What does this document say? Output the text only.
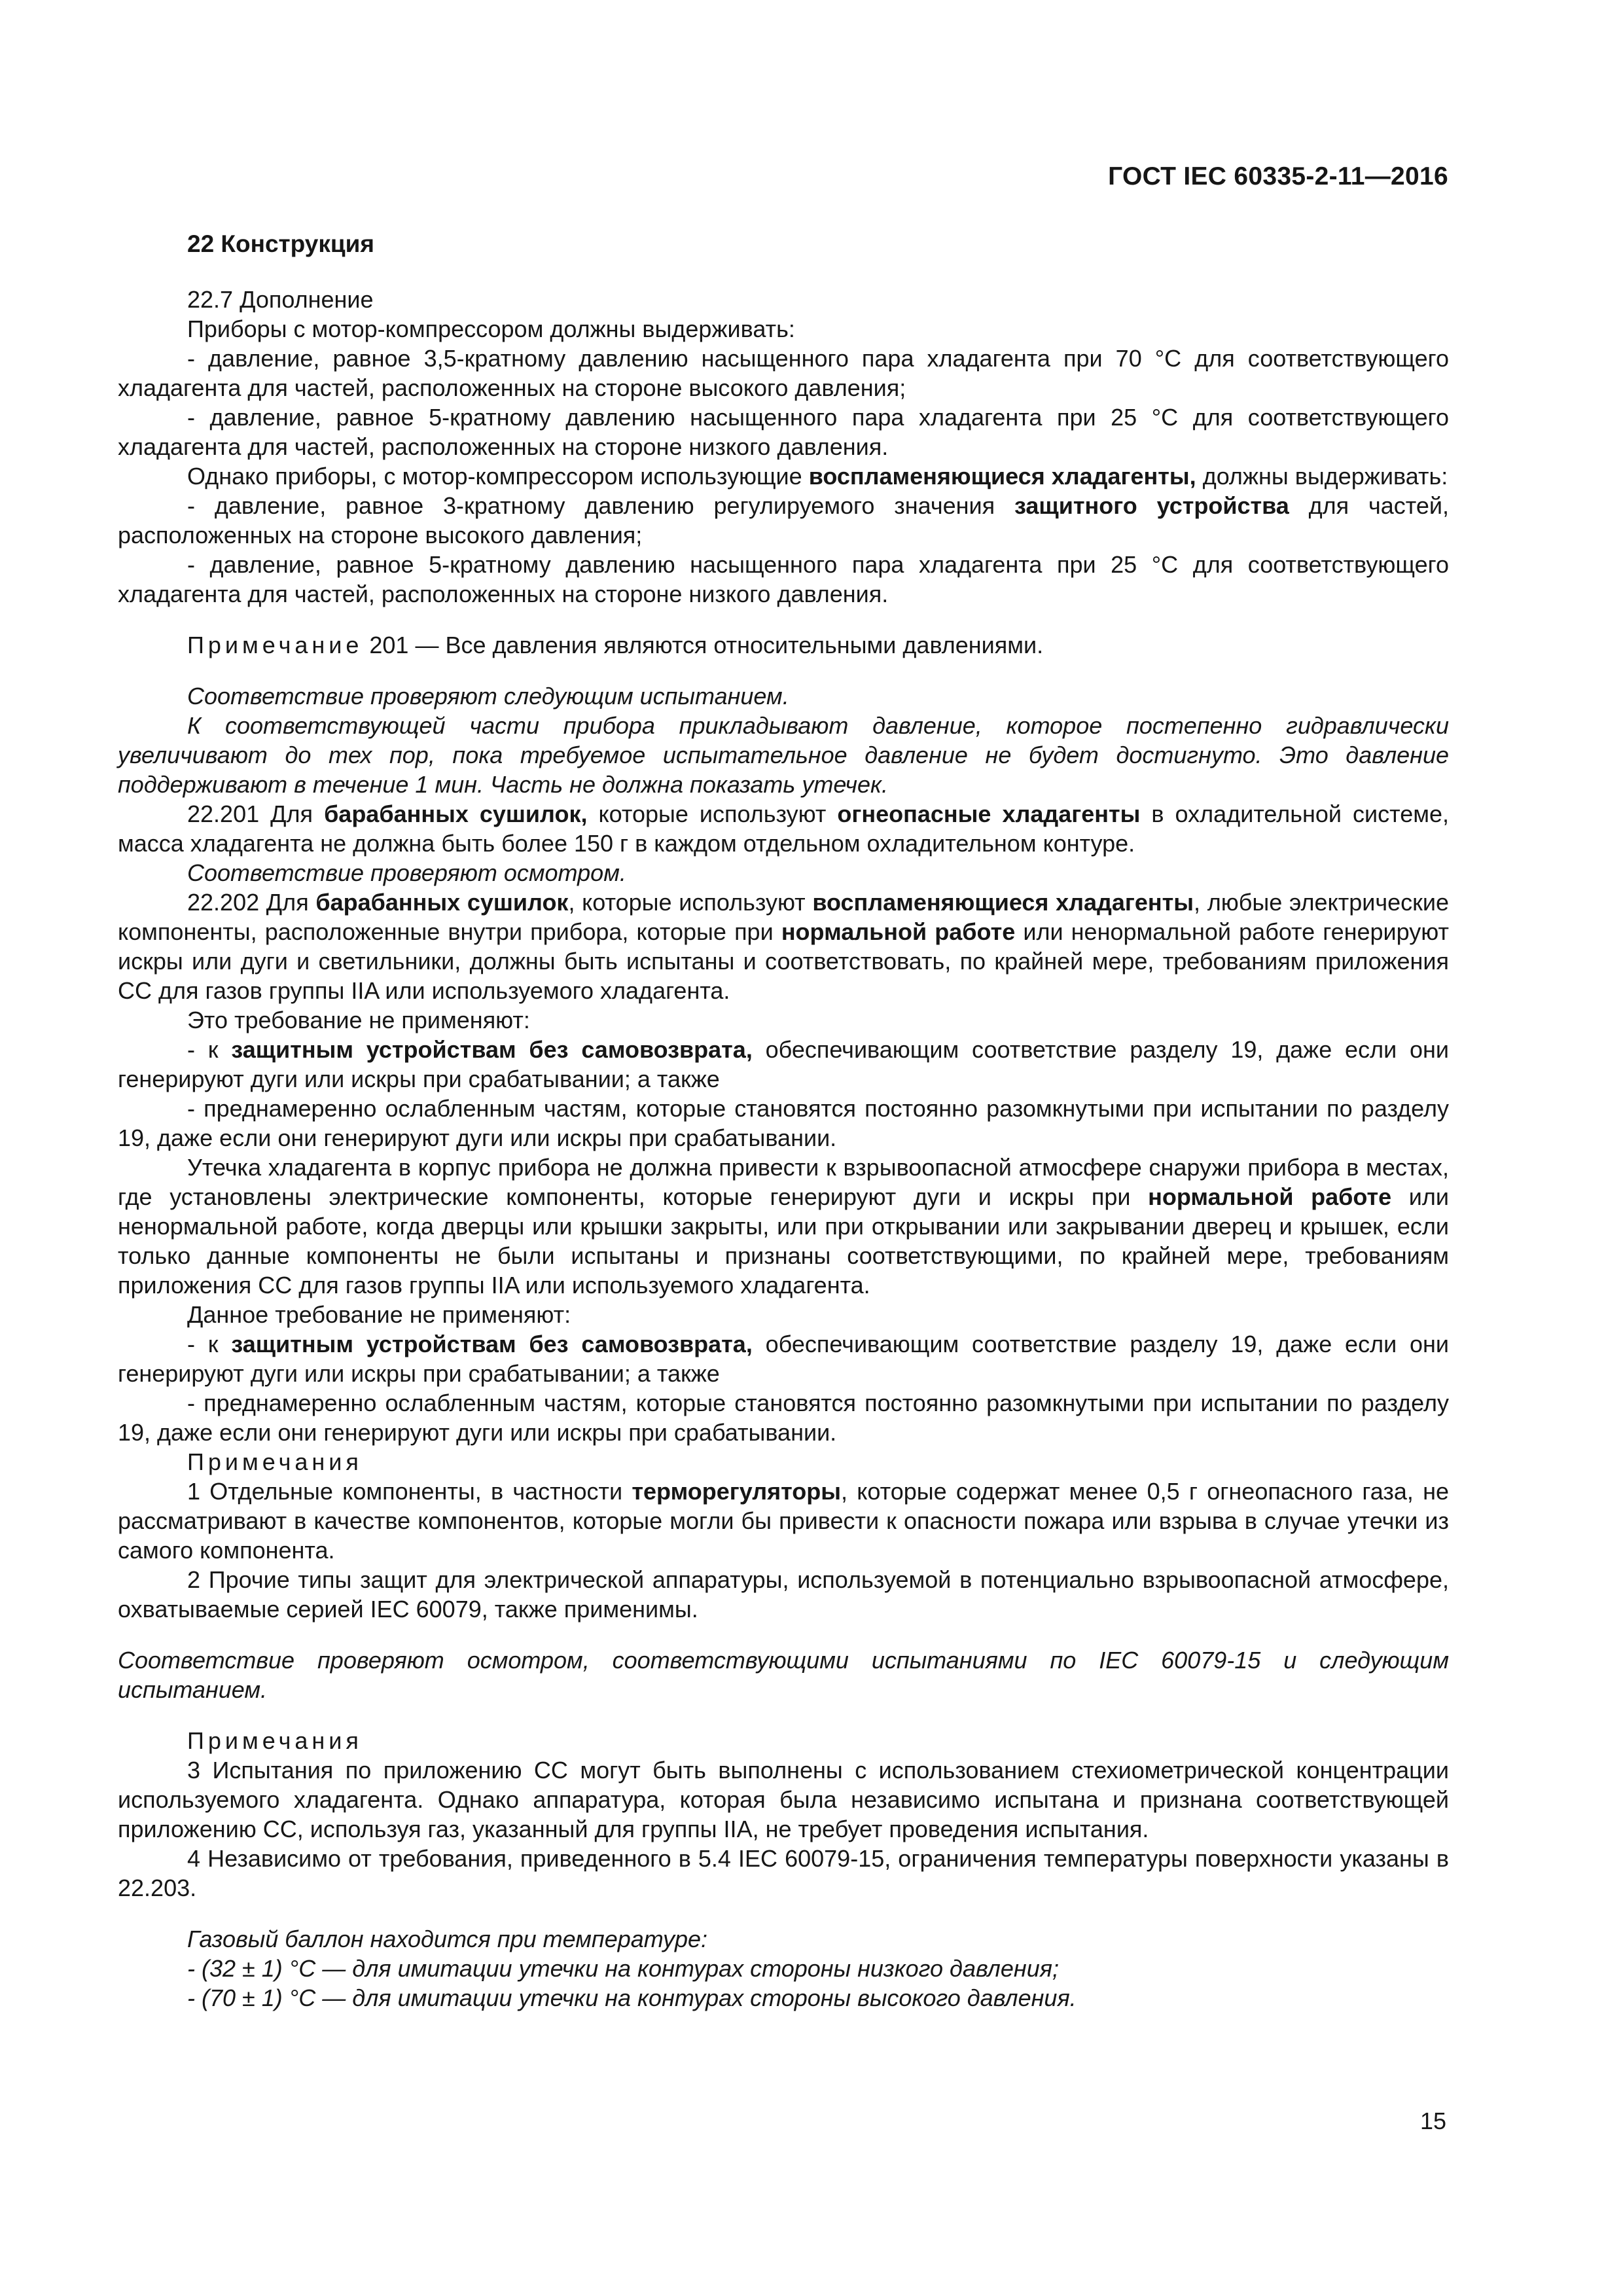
ГОСТ IEC 60335-2-11—2016

22 Конструкция

22.7 Дополнение

Приборы с мотор-компрессором должны выдерживать:

- давление, равное 3,5-кратному давлению насыщенного пара хладагента при 70 °C для соответствующего хладагента для частей, расположенных на стороне высокого давления;

- давление, равное 5-кратному давлению насыщенного пара хладагента при 25 °C для соответствующего хладагента для частей, расположенных на стороне низкого давления.

Однако приборы, с мотор-компрессором использующие воспламеняющиеся хладагенты, должны выдерживать:

- давление, равное 3-кратному давлению регулируемого значения защитного устройства для частей, расположенных на стороне высокого давления;

- давление, равное 5-кратному давлению насыщенного пара хладагента при 25 °C для соответствующего хладагента для частей, расположенных на стороне низкого давления.

Примечание 201 — Все давления являются относительными давлениями.

Соответствие проверяют следующим испытанием.

К соответствующей части прибора прикладывают давление, которое постепенно гидравлически увеличивают до тех пор, пока требуемое испытательное давление не будет достигнуто. Это давление поддерживают в течение 1 мин. Часть не должна показать утечек.

22.201 Для барабанных сушилок, которые используют огнеопасные хладагенты в охладительной системе, масса хладагента не должна быть более 150 г в каждом отдельном охладительном контуре.

Соответствие проверяют осмотром.

22.202 Для барабанных сушилок, которые используют воспламеняющиеся хладагенты, любые электрические компоненты, расположенные внутри прибора, которые при нормальной работе или ненормальной работе генерируют искры или дуги и светильники, должны быть испытаны и соответствовать, по крайней мере, требованиям приложения CC для газов группы IIA или используемого хладагента.

Это требование не применяют:

- к защитным устройствам без самовозврата, обеспечивающим соответствие разделу 19, даже если они генерируют дуги или искры при срабатывании; а также

- преднамеренно ослабленным частям, которые становятся постоянно разомкнутыми при испытании по разделу 19, даже если они генерируют дуги или искры при срабатывании.

Утечка хладагента в корпус прибора не должна привести к взрывоопасной атмосфере снаружи прибора в местах, где установлены электрические компоненты, которые генерируют дуги и искры при нормальной работе или ненормальной работе, когда дверцы или крышки закрыты, или при открывании или закрывании дверец и крышек, если только данные компоненты не были испытаны и признаны соответствующими, по крайней мере, требованиям приложения CC для газов группы IIA или используемого хладагента.

Данное требование не применяют:

- к защитным устройствам без самовозврата, обеспечивающим соответствие разделу 19, даже если они генерируют дуги или искры при срабатывании; а также

- преднамеренно ослабленным частям, которые становятся постоянно разомкнутыми при испытании по разделу 19, даже если они генерируют дуги или искры при срабатывании.

Примечания

1 Отдельные компоненты, в частности терморегуляторы, которые содержат менее 0,5 г огнеопасного газа, не рассматривают в качестве компонентов, которые могли бы привести к опасности пожара или взрыва в случае утечки из самого компонента.

2 Прочие типы защит для электрической аппаратуры, используемой в потенциально взрывоопасной атмосфере, охватываемые серией IEC 60079, также применимы.

Соответствие проверяют осмотром, соответствующими испытаниями по IEC 60079-15 и следующим испытанием.

Примечания

3 Испытания по приложению CC могут быть выполнены с использованием стехиометрической концентрации используемого хладагента. Однако аппаратура, которая была независимо испытана и признана соответствующей приложению CC, используя газ, указанный для группы IIA, не требует проведения испытания.

4 Независимо от требования, приведенного в 5.4 IEC 60079-15, ограничения температуры поверхности указаны в 22.203.

Газовый баллон находится при температуре:

- (32 ± 1) °C — для имитации утечки на контурах стороны низкого давления;

- (70 ± 1) °C — для имитации утечки на контурах стороны высокого давления.

15
